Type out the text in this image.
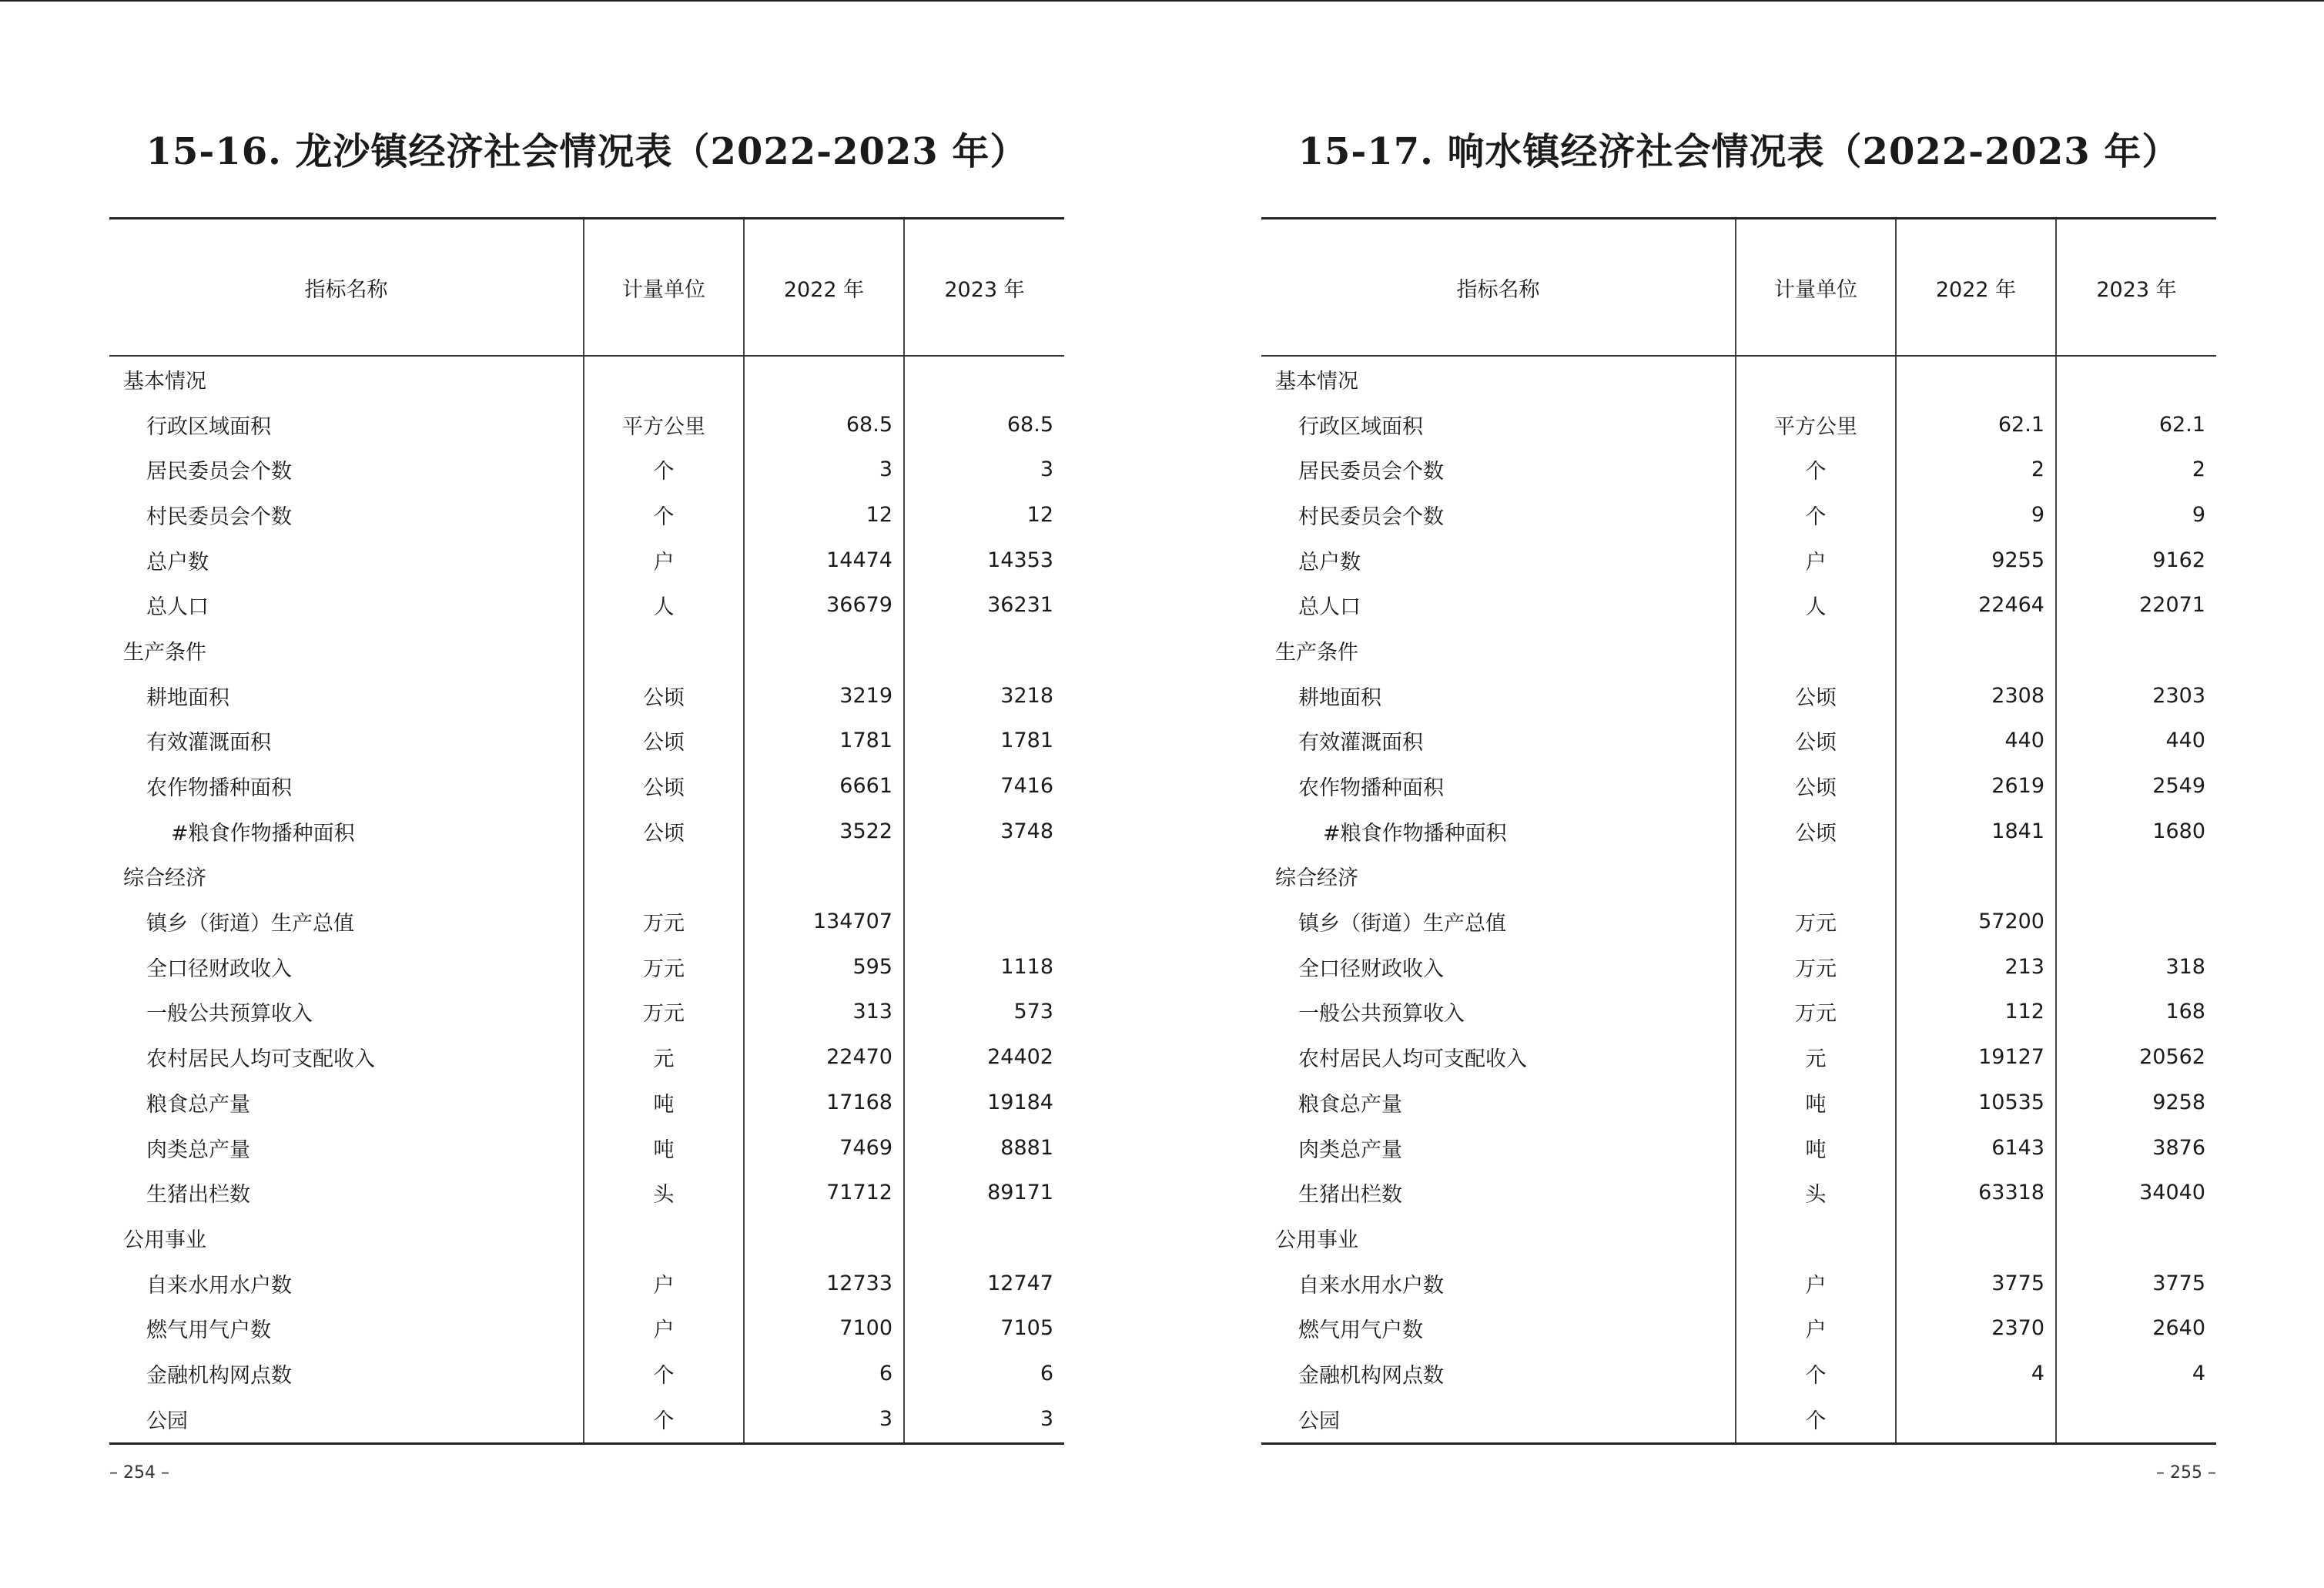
15-16. 龙沙镇经济社会情况表（2022-2023 年）
指标名称	计量单位	2022 年	2023 年
基本情况			
行政区域面积	平方公里	68.5	68.5
居民委员会个数	个	3	3
村民委员会个数	个	12	12
总户数	户	14474	14353
总人口	人	36679	36231
生产条件			
耕地面积	公顷	3219	3218
有效灌溉面积	公顷	1781	1781
农作物播种面积	公顷	6661	7416
#粮食作物播种面积	公顷	3522	3748
综合经济			
镇乡（街道）生产总值	万元	134707	
全口径财政收入	万元	595	1118
一般公共预算收入	万元	313	573
农村居民人均可支配收入	元	22470	24402
粮食总产量	吨	17168	19184
肉类总产量	吨	7469	8881
生猪出栏数	头	71712	89171
公用事业			
自来水用水户数	户	12733	12747
燃气用气户数	户	7100	7105
金融机构网点数	个	6	6
公园	个	3	3
– 254 –
15-17. 响水镇经济社会情况表（2022-2023 年）
指标名称	计量单位	2022 年	2023 年
基本情况			
行政区域面积	平方公里	62.1	62.1
居民委员会个数	个	2	2
村民委员会个数	个	9	9
总户数	户	9255	9162
总人口	人	22464	22071
生产条件			
耕地面积	公顷	2308	2303
有效灌溉面积	公顷	440	440
农作物播种面积	公顷	2619	2549
#粮食作物播种面积	公顷	1841	1680
综合经济			
镇乡（街道）生产总值	万元	57200	
全口径财政收入	万元	213	318
一般公共预算收入	万元	112	168
农村居民人均可支配收入	元	19127	20562
粮食总产量	吨	10535	9258
肉类总产量	吨	6143	3876
生猪出栏数	头	63318	34040
公用事业			
自来水用水户数	户	3775	3775
燃气用气户数	户	2370	2640
金融机构网点数	个	4	4
公园	个		
– 255 –
